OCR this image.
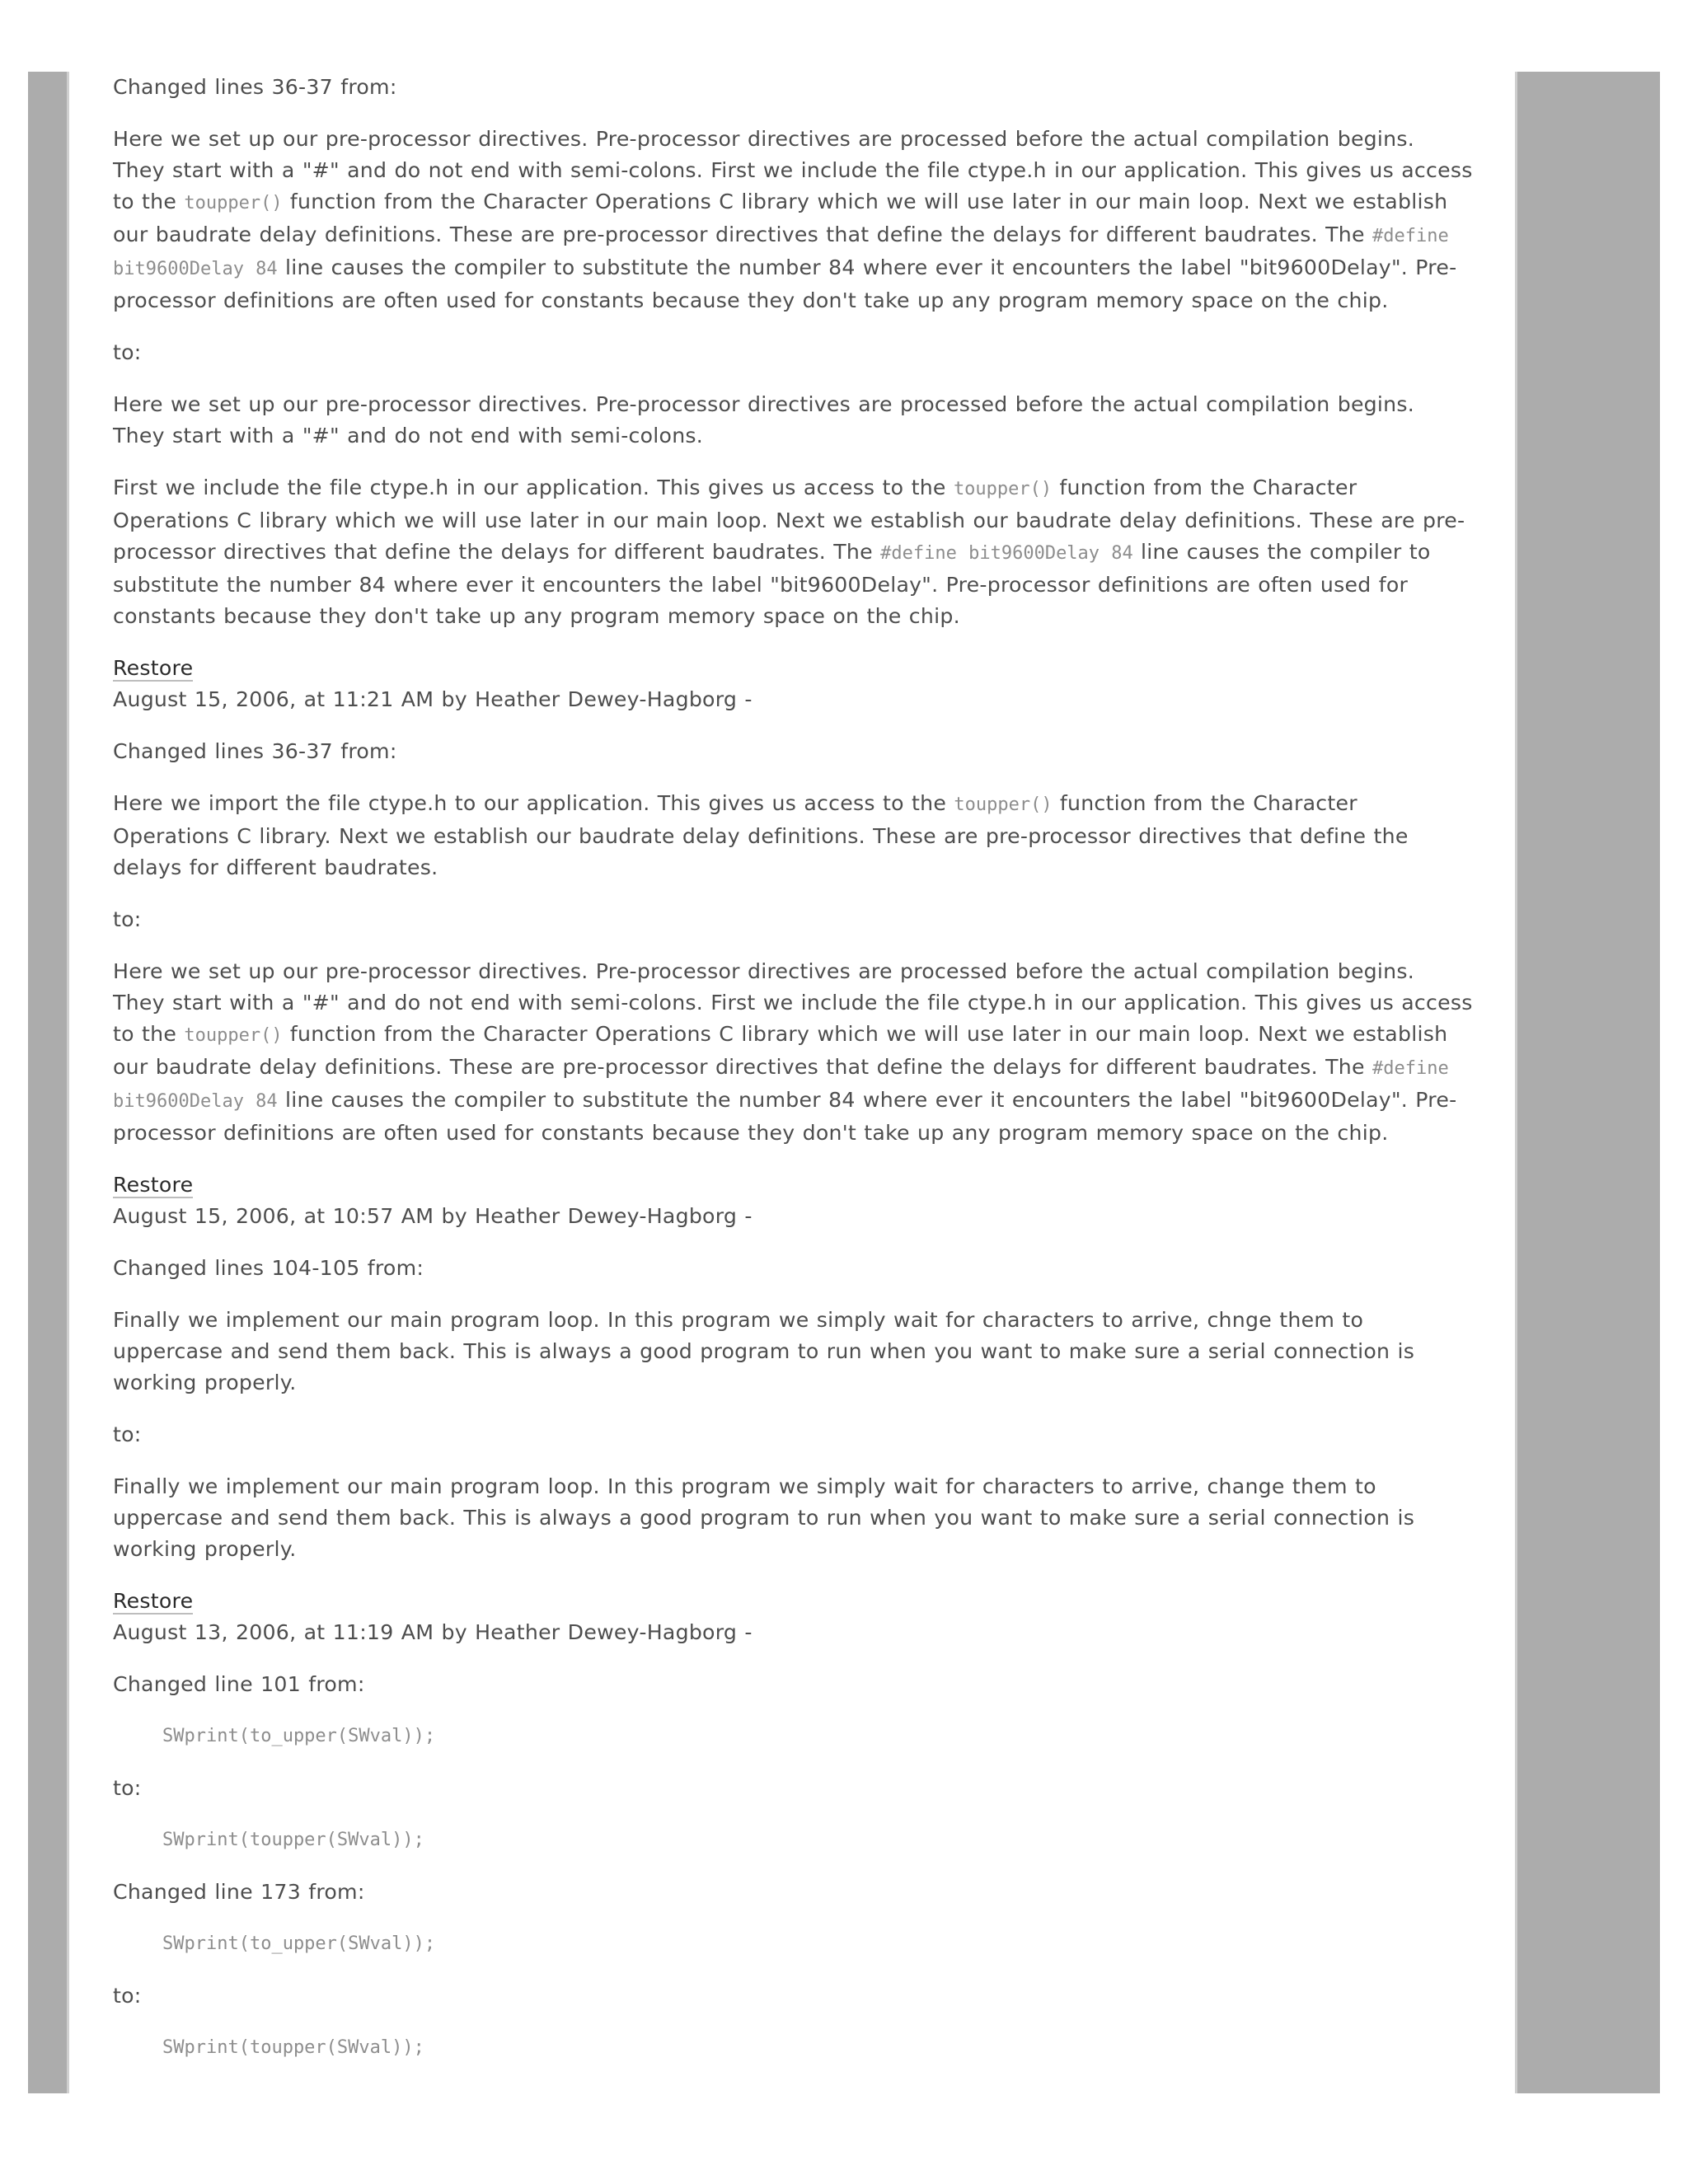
Changed lines 36-37 from:

Here we set up our pre-processor directives. Pre-processor directives are processed before the actual compilation begins. They start with a "#" and do not end with semi-colons. First we include the file ctype.h in our application. This gives us access to the toupper() function from the Character Operations C library which we will use later in our main loop. Next we establish our baudrate delay definitions. These are pre-processor directives that define the delays for different baudrates. The #define bit9600Delay 84 line causes the compiler to substitute the number 84 where ever it encounters the label "bit9600Delay". Pre-processor definitions are often used for constants because they don't take up any program memory space on the chip.

to:

Here we set up our pre-processor directives. Pre-processor directives are processed before the actual compilation begins. They start with a "#" and do not end with semi-colons.

First we include the file ctype.h in our application. This gives us access to the toupper() function from the Character Operations C library which we will use later in our main loop. Next we establish our baudrate delay definitions. These are pre-processor directives that define the delays for different baudrates. The #define bit9600Delay 84 line causes the compiler to substitute the number 84 where ever it encounters the label "bit9600Delay". Pre-processor definitions are often used for constants because they don't take up any program memory space on the chip.

Restore

August 15, 2006, at 11:21 AM by Heather Dewey-Hagborg -

Changed lines 36-37 from:

Here we import the file ctype.h to our application. This gives us access to the toupper() function from the Character Operations C library. Next we establish our baudrate delay definitions. These are pre-processor directives that define the delays for different baudrates.

to:

Here we set up our pre-processor directives. Pre-processor directives are processed before the actual compilation begins. They start with a "#" and do not end with semi-colons. First we include the file ctype.h in our application. This gives us access to the toupper() function from the Character Operations C library which we will use later in our main loop. Next we establish our baudrate delay definitions. These are pre-processor directives that define the delays for different baudrates. The #define bit9600Delay 84 line causes the compiler to substitute the number 84 where ever it encounters the label "bit9600Delay". Pre-processor definitions are often used for constants because they don't take up any program memory space on the chip.

Restore

August 15, 2006, at 10:57 AM by Heather Dewey-Hagborg -

Changed lines 104-105 from:

Finally we implement our main program loop. In this program we simply wait for characters to arrive, chnge them to uppercase and send them back. This is always a good program to run when you want to make sure a serial connection is working properly.

to:

Finally we implement our main program loop. In this program we simply wait for characters to arrive, change them to uppercase and send them back. This is always a good program to run when you want to make sure a serial connection is working properly.

Restore

August 13, 2006, at 11:19 AM by Heather Dewey-Hagborg -

Changed line 101 from:

SWprint(to_upper(SWval));

to:

SWprint(toupper(SWval));

Changed line 173 from:

SWprint(to_upper(SWval));

to:

SWprint(toupper(SWval));
